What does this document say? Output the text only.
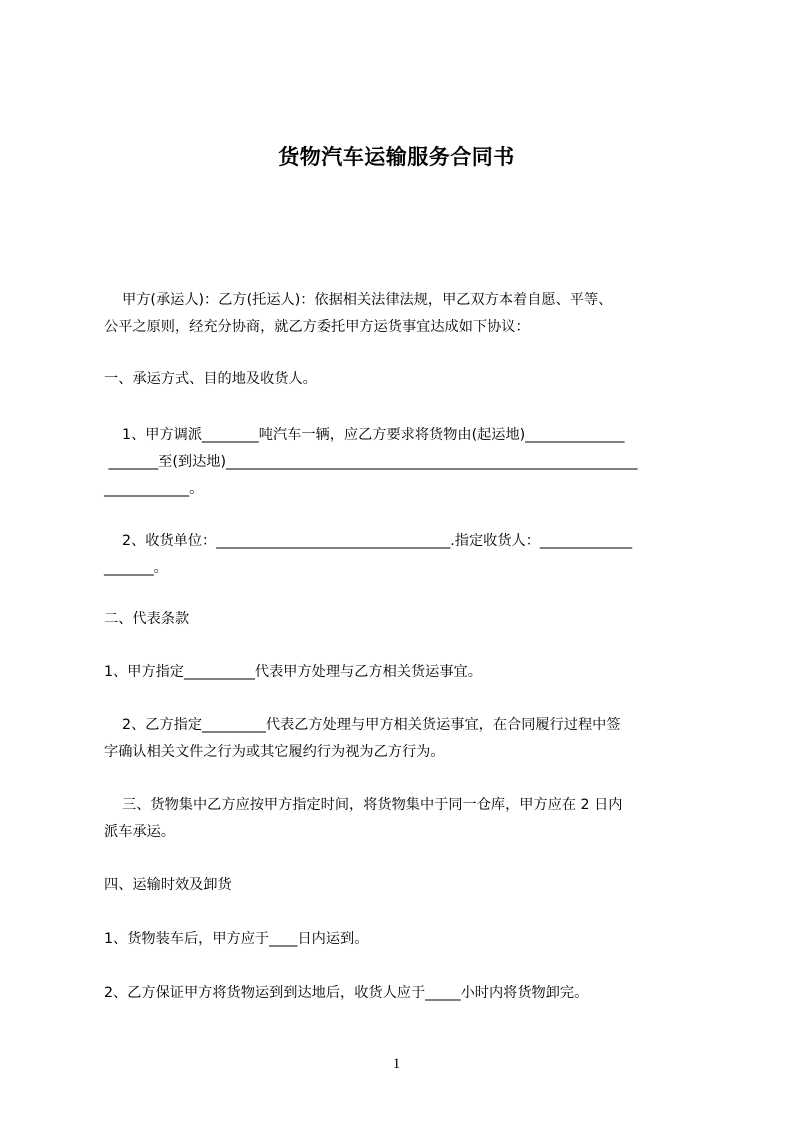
货物汽车运输服务合同书
甲方(承运人)：乙方(托运人)：依据相关法律法规，甲乙双方本着自愿、平等、
公平之原则，经充分协商，就乙方委托甲方运货事宜达成如下协议：
一、承运方式、目的地及收货人。
1、甲方调派________吨汽车一辆，应乙方要求将货物由(起运地)______________
_______至(到达地)__________________________________________________________
____________。
2、收货单位：_________________________________.指定收货人：_____________
_______。
二、代表条款
1、甲方指定__________代表甲方处理与乙方相关货运事宜。
2、乙方指定_________代表乙方处理与甲方相关货运事宜，在合同履行过程中签
字确认相关文件之行为或其它履约行为视为乙方行为。
三、货物集中乙方应按甲方指定时间，将货物集中于同一仓库，甲方应在 2 日内
派车承运。
四、运输时效及卸货
1、货物装车后，甲方应于____日内运到。
2、乙方保证甲方将货物运到到达地后，收货人应于_____小时内将货物卸完。
1
